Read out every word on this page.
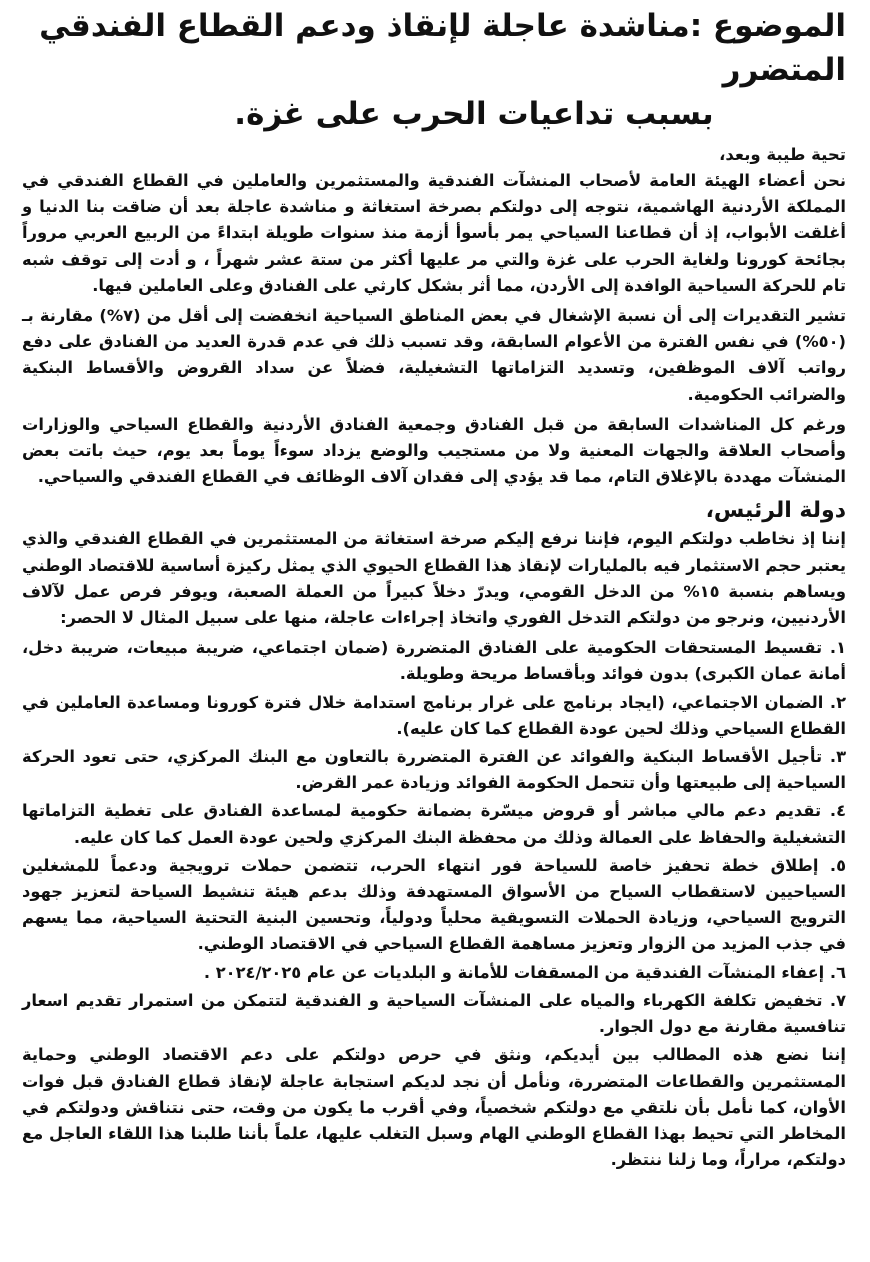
الموضوع :مناشدة عاجلة لإنقاذ ودعم القطاع الفندقي المتضرر
بسبب تداعيات الحرب على غزة.
تحية طيبة وبعد،

نحن أعضاء الهيئة العامة لأصحاب المنشآت الفندقية والمستثمرين والعاملين في القطاع الفندقي في المملكة الأردنية الهاشمية، نتوجه إلى دولتكم بصرخة استغاثة و مناشدة عاجلة بعد أن ضاقت بنا الدنيا و أغلقت الأبواب، إذ أن قطاعنا السياحي يمر بأسوأ أزمة منذ سنوات طويلة ابتداءً من الربيع العربي مروراً بجائحة كورونا ولغاية الحرب على غزة والتي مر عليها أكثر من ستة عشر شهراً ، و أدت إلى توقف شبه تام للحركة السياحية الوافدة إلى الأردن، مما أثر بشكل كارثي على الفنادق وعلى العاملين فيها.

تشير التقديرات إلى أن نسبة الإشغال في بعض المناطق السياحية انخفضت إلى أقل من (٧%) مقارنة بـ (٥٠%) في نفس الفترة من الأعوام السابقة، وقد تسبب ذلك في عدم قدرة العديد من الفنادق على دفع رواتب آلاف الموظفين، وتسديد التزاماتها التشغيلية، فضلاً عن سداد القروض والأقساط البنكية والضرائب الحكومية.

ورغم كل المناشدات السابقة من قبل الفنادق وجمعية الفنادق الأردنية والقطاع السياحي والوزارات وأصحاب العلاقة والجهات المعنية ولا من مستجيب والوضع يزداد سوءاً يوماً بعد يوم، حيث باتت بعض المنشآت مهددة بالإغلاق التام، مما قد يؤدي إلى فقدان آلاف الوظائف في القطاع الفندقي والسياحي.

دولة الرئيس،

إننا إذ نخاطب دولتكم اليوم، فإننا نرفع إليكم صرخة استغاثة من المستثمرين في القطاع الفندقي والذي يعتبر حجم الاستثمار فيه بالمليارات لإنقاذ هذا القطاع الحيوي الذي يمثل ركيزة أساسية للاقتصاد الوطني ويساهم بنسبة ١٥% من الدخل القومي، ويدرّ دخلاً كبيراً من العملة الصعبة، ويوفر فرص عمل لآلاف الأردنيين، ونرجو من دولتكم التدخل الفوري واتخاذ إجراءات عاجلة، منها على سبيل المثال لا الحصر:

١. تقسيط المستحقات الحكومية على الفنادق المتضررة (ضمان اجتماعي، ضريبة مبيعات، ضريبة دخل، أمانة عمان الكبرى) بدون فوائد وبأقساط مريحة وطويلة.
٢. الضمان الاجتماعي، (ايجاد برنامج على غرار برنامج استدامة خلال فترة كورونا ومساعدة العاملين في القطاع السياحي وذلك لحين عودة القطاع كما كان عليه).
٣. تأجيل الأقساط البنكية والفوائد عن الفترة المتضررة بالتعاون مع البنك المركزي، حتى تعود الحركة السياحية إلى طبيعتها وأن تتحمل الحكومة الفوائد وزيادة عمر القرض.
٤. تقديم دعم مالي مباشر أو قروض ميسّرة بضمانة حكومية لمساعدة الفنادق على تغطية التزاماتها التشغيلية والحفاظ على العمالة وذلك من محفظة البنك المركزي ولحين عودة العمل كما كان عليه.
٥. إطلاق خطة تحفيز خاصة للسياحة فور انتهاء الحرب، تتضمن حملات ترويجية ودعماً للمشغلين السياحيين لاستقطاب السياح من الأسواق المستهدفة وذلك بدعم هيئة تنشيط السياحة لتعزيز جهود الترويج السياحي، وزيادة الحملات التسويقية محلياً ودولياً، وتحسين البنية التحتية السياحية، مما يسهم في جذب المزيد من الزوار وتعزيز مساهمة القطاع السياحي في الاقتصاد الوطني.
٦. إعفاء المنشآت الفندقية من المسقفات للأمانة و البلديات عن عام ٢٠٢٤/٢٠٢٥ .
٧. تخفيض تكلفة الكهرباء والمياه على المنشآت السياحية و الفندقية لتتمكن من استمرار تقديم اسعار تنافسية مقارنة مع دول الجوار.

إننا نضع هذه المطالب بين أيديكم، ونثق في حرص دولتكم على دعم الاقتصاد الوطني وحماية المستثمرين والقطاعات المتضررة، ونأمل أن نجد لديكم استجابة عاجلة لإنقاذ قطاع الفنادق قبل فوات الأوان، كما نأمل بأن نلتقي مع دولتكم شخصياً، وفي أقرب ما يكون من وقت، حتى نتناقش ودولتكم في المخاطر التي تحيط بهذا القطاع الوطني الهام وسبل التغلب عليها، علماً بأننا طلبنا هذا اللقاء العاجل مع دولتكم، مراراً، وما زلنا ننتظر.
